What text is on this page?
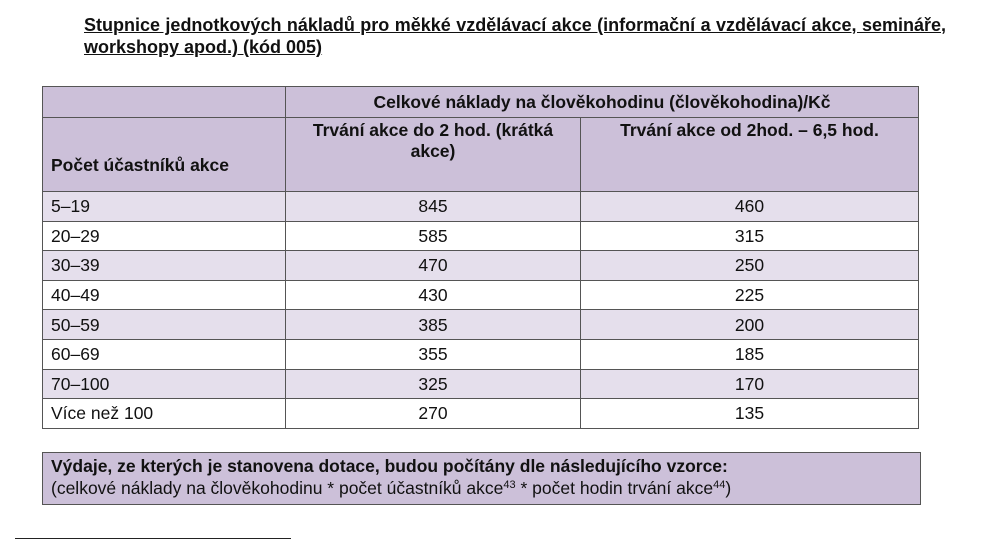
Stupnice jednotkových nákladů pro měkké vzdělávací akce (informační a vzdělávací akce, semináře, workshopy apod.) (kód 005)

	Celkové náklady na člověkohodinu (člověkohodina)/Kč	
Počet účastníků akce	Trvání akce do 2 hod. (krátká akce)	Trvání akce od 2hod. – 6,5 hod.
5–19	845	460
20–29	585	315
30–39	470	250
40–49	430	225
50–59	385	200
60–69	355	185
70–100	325	170
Více než 100	270	135
Výdaje, ze kterých je stanovena dotace, budou počítány dle následujícího vzorce:
(celkové náklady na člověkohodinu * počet účastníků akce$^{43}$ * počet hodin trvání akce$^{44}$)
